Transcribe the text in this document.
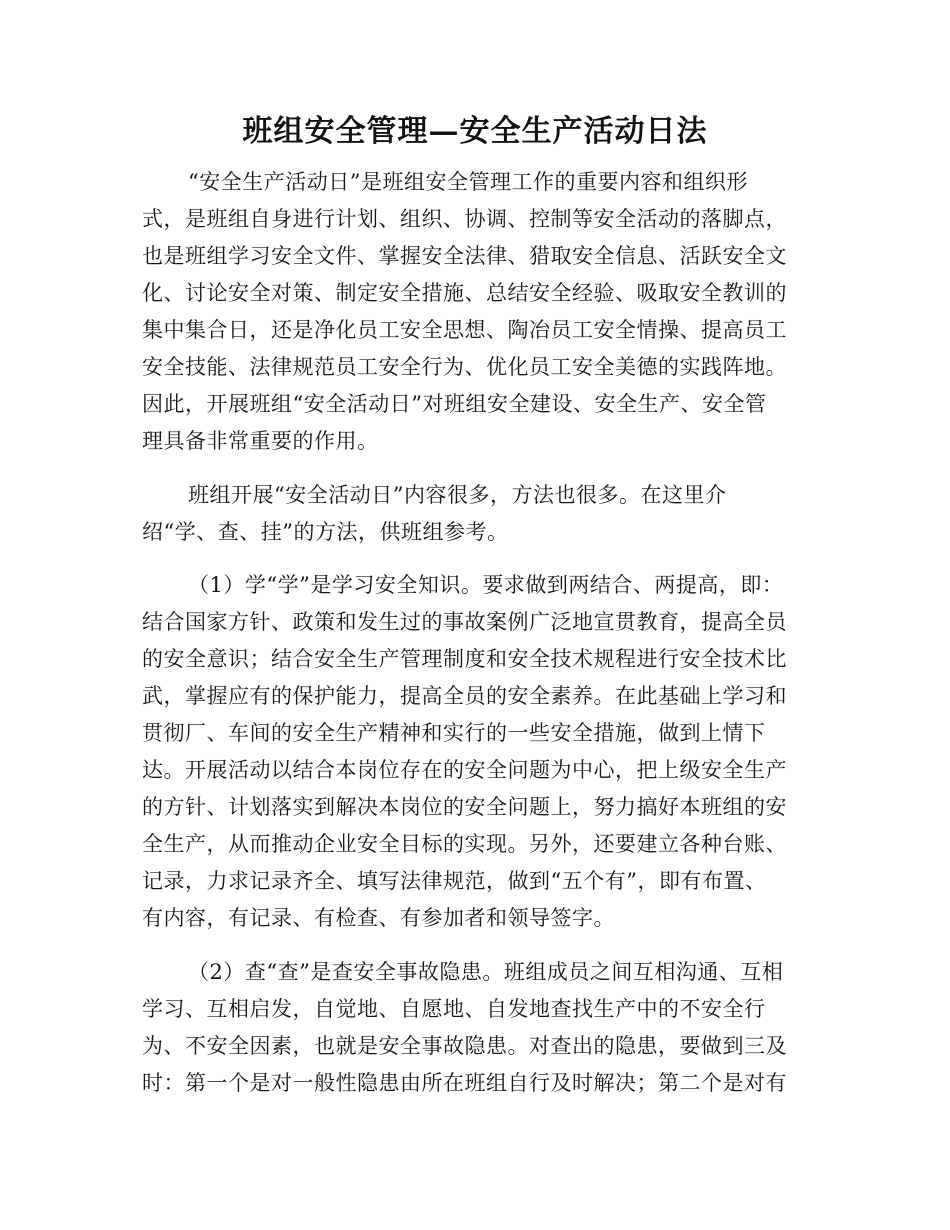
班组安全管理—安全生产活动日法
“安全生产活动日”是班组安全管理工作的重要内容和组织形
式，是班组自身进行计划、组织、协调、控制等安全活动的落脚点，
也是班组学习安全文件、掌握安全法律、猎取安全信息、活跃安全文
化、讨论安全对策、制定安全措施、总结安全经验、吸取安全教训的
集中集合日，还是净化员工安全思想、陶冶员工安全情操、提高员工
安全技能、法律规范员工安全行为、优化员工安全美德的实践阵地。
因此，开展班组“安全活动日”对班组安全建设、安全生产、安全管
理具备非常重要的作用。
班组开展“安全活动日”内容很多，方法也很多。在这里介
绍“学、查、挂”的方法，供班组参考。
（1）学“学”是学习安全知识。要求做到两结合、两提高，即：
结合国家方针、政策和发生过的事故案例广泛地宣贯教育，提高全员
的安全意识；结合安全生产管理制度和安全技术规程进行安全技术比
武，掌握应有的保护能力，提高全员的安全素养。在此基础上学习和
贯彻厂、车间的安全生产精神和实行的一些安全措施，做到上情下
达。开展活动以结合本岗位存在的安全问题为中心，把上级安全生产
的方针、计划落实到解决本岗位的安全问题上，努力搞好本班组的安
全生产，从而推动企业安全目标的实现。另外，还要建立各种台账、
记录，力求记录齐全、填写法律规范，做到“五个有”，即有布置、
有内容，有记录、有检查、有参加者和领导签字。
（2）查“查”是查安全事故隐患。班组成员之间互相沟通、互相
学习、互相启发，自觉地、自愿地、自发地查找生产中的不安全行
为、不安全因素，也就是安全事故隐患。对查出的隐患，要做到三及
时：第一个是对一般性隐患由所在班组自行及时解决；第二个是对有
